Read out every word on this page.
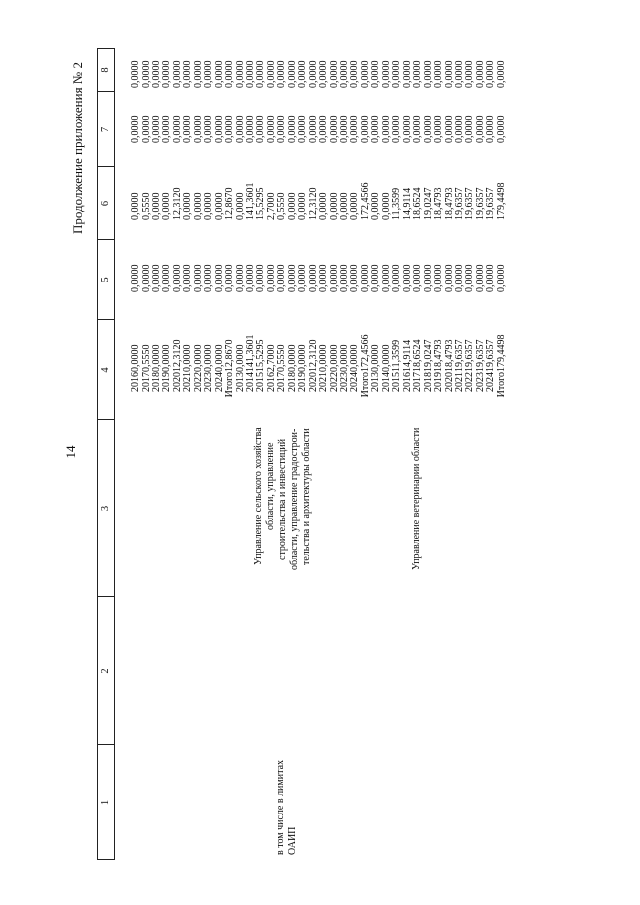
14
Продолжение приложения № 2
1
2
3
4
5
6
7
8
в том числе в лимитах ОАИП
Управление сельского хозяйства области, управление строительства и инвестиций области, управление градострои- тельства и архитектуры области	Управление ветеринарии области
2016
0,0000
0,0000
0,0000
0,0000
0,0000
2017
0,5550
0,0000
0,5550
0,0000
0,0000
2018
0,0000
0,0000
0,0000
0,0000
0,0000
2019
0,0000
0,0000
0,0000
0,0000
0,0000
2020
12,3120
0,0000
12,3120
0,0000
0,0000
2021
0,0000
0,0000
0,0000
0,0000
0,0000
2022
0,0000
0,0000
0,0000
0,0000
0,0000
2023
0,0000
0,0000
0,0000
0,0000
0,0000
2024
0,0000
0,0000
0,0000
0,0000
0,0000
Итого
12,8670
0,0000
12,8670
0,0000
0,0000
2013
0,0000
0,0000
0,0000
0,0000
0,0000
2014
141,3601
0,0000
141,3601
0,0000
0,0000
2015
15,5295
0,0000
15,5295
0,0000
0,0000
2016
2,7000
0,0000
2,7000
0,0000
0,0000
2017
0,5550
0,0000
0,5550
0,0000
0,0000
2018
0,0000
0,0000
0,0000
0,0000
0,0000
2019
0,0000
0,0000
0,0000
0,0000
0,0000
2020
12,3120
0,0000
12,3120
0,0000
0,0000
2021
0,0000
0,0000
0,0000
0,0000
0,0000
2022
0,0000
0,0000
0,0000
0,0000
0,0000
2023
0,0000
0,0000
0,0000
0,0000
0,0000
2024
0,0000
0,0000
0,0000
0,0000
0,0000
Итого
172,4566
0,0000
172,4566
0,0000
0,0000
2013
0,0000
0,0000
0,0000
0,0000
0,0000
2014
0,0000
0,0000
0,0000
0,0000
0,0000
2015
11,3599
0,0000
11,3599
0,0000
0,0000
2016
14,9114
0,0000
14,9114
0,0000
0,0000
2017
18,6524
0,0000
18,6524
0,0000
0,0000
2018
19,0247
0,0000
19,0247
0,0000
0,0000
2019
18,4793
0,0000
18,4793
0,0000
0,0000
2020
18,4793
0,0000
18,4793
0,0000
0,0000
2021
19,6357
0,0000
19,6357
0,0000
0,0000
2022
19,6357
0,0000
19,6357
0,0000
0,0000
2023
19,6357
0,0000
19,6357
0,0000
0,0000
2024
19,6357
0,0000
19,6357
0,0000
0,0000
Итого
179,4498
0,0000
179,4498
0,0000
0,0000
